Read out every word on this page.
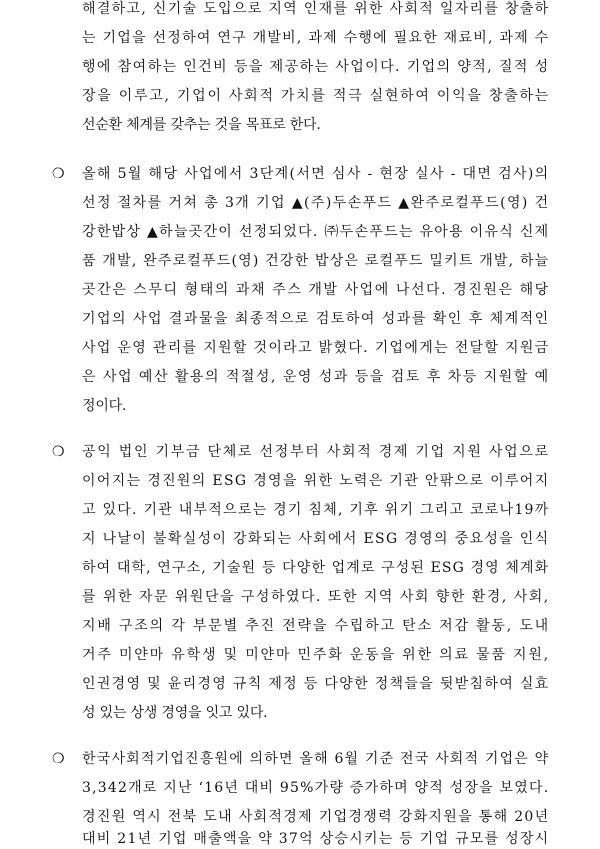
해결하고, 신기술 도입으로 지역 인재를 위한 사회적 일자리를 창출하
는 기업을 선정하여 연구 개발비, 과제 수행에 필요한 재료비, 과제 수
행에 참여하는 인건비 등을 제공하는 사업이다. 기업의 양적, 질적 성
장을 이루고, 기업이 사회적 가치를 적극 실현하여 이익을 창출하는
선순환 체계를 갖추는 것을 목표로 한다.
❍ 올해 5월 해당 사업에서 3단계(서면 심사 - 현장 실사 - 대면 검사)의
선정 절차를 거쳐 총 3개 기업 ▲(주)두손푸드 ▲완주로컬푸드(영) 건
강한밥상 ▲하늘곳간이 선정되었다. ㈜두손푸드는 유아용 이유식 신제
품 개발, 완주로컬푸드(영) 건강한 밥상은 로컬푸드 밀키트 개발, 하늘
곳간은 스무디 형태의 과채 주스 개발 사업에 나선다. 경진원은 해당
기업의 사업 결과물을 최종적으로 검토하여 성과를 확인 후 체계적인
사업 운영 관리를 지원할 것이라고 밝혔다. 기업에게는 전달할 지원금
은 사업 예산 활용의 적절성, 운영 성과 등을 검토 후 차등 지원할 예
정이다.
❍ 공익 법인 기부금 단체로 선정부터 사회적 경제 기업 지원 사업으로
이어지는 경진원의 ESG 경영을 위한 노력은 기관 안팎으로 이루어지
고 있다. 기관 내부적으로는 경기 침체, 기후 위기 그리고 코로나19까
지 나날이 불확실성이 강화되는 사회에서 ESG 경영의 중요성을 인식
하여 대학, 연구소, 기술원 등 다양한 업계로 구성된 ESG 경영 체계화
를 위한 자문 위원단을 구성하였다. 또한 지역 사회 향한 환경, 사회,
지배 구조의 각 부문별 추진 전략을 수립하고 탄소 저감 활동, 도내
거주 미얀마 유학생 및 미얀마 민주화 운동을 위한 의료 물품 지원,
인권경영 및 윤리경영 규칙 제정 등 다양한 정책들을 뒷받침하여 실효
성 있는 상생 경영을 잇고 있다.
❍ 한국사회적기업진흥원에 의하면 올해 6월 기준 전국 사회적 기업은 약
3,342개로 지난 ‘16년 대비 95%가량 증가하며 양적 성장을 보였다.
경진원 역시 전북 도내 사회적경제 기업경쟁력 강화지원을 통해 20년
대비 21년 기업 매출액을 약 37억 상승시키는 등 기업 규모를 성장시
